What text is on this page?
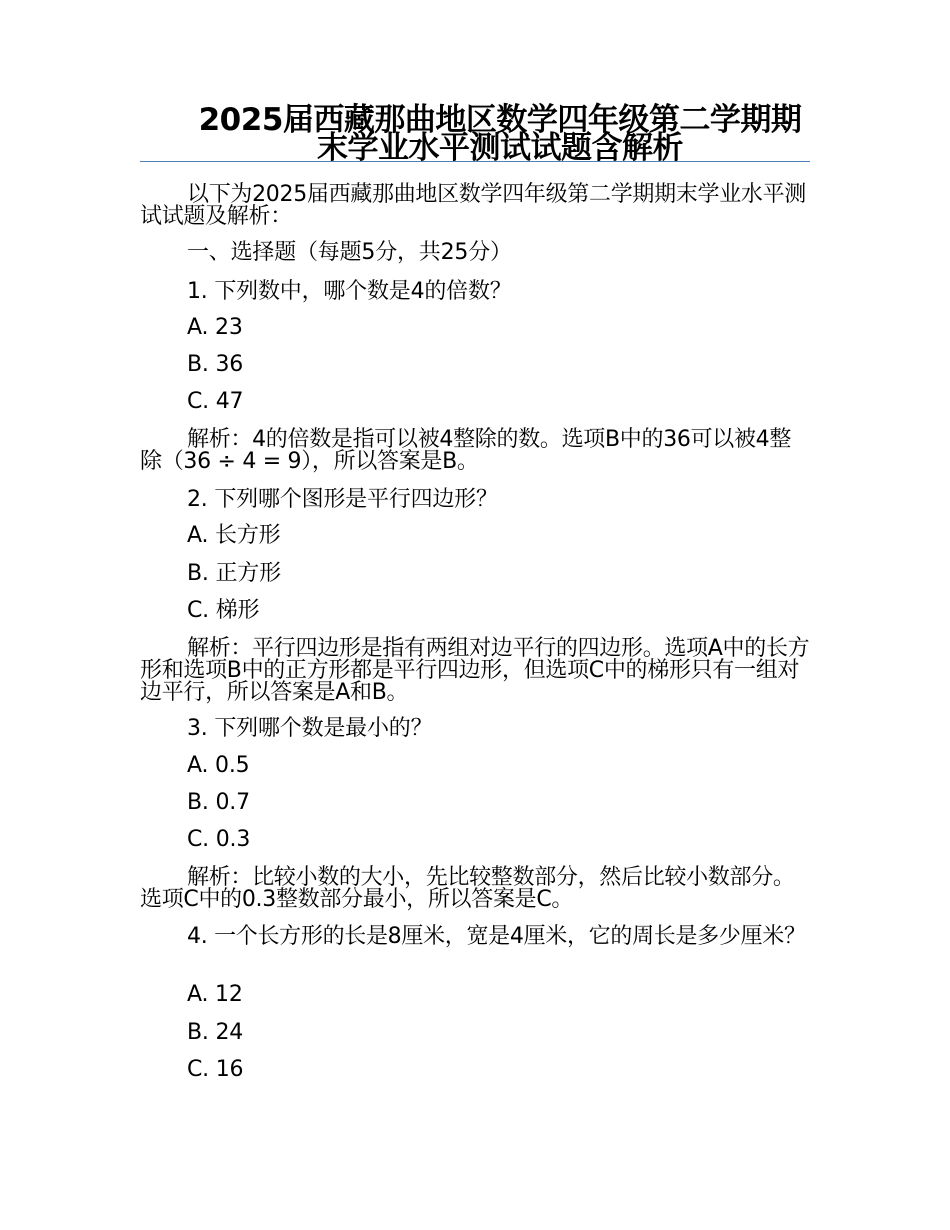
2025届西藏那曲地区数学四年级第二学期期末学业水平测试试题含解析
以下为2025届西藏那曲地区数学四年级第二学期期末学业水平测试试题及解析：
一、选择题（每题5分，共25分）
1. 下列数中，哪个数是4的倍数？
A. 23
B. 36
C. 47
解析：4的倍数是指可以被4整除的数。选项B中的36可以被4整除（36 ÷ 4 = 9），所以答案是B。
2. 下列哪个图形是平行四边形？
A. 长方形
B. 正方形
C. 梯形
解析：平行四边形是指有两组对边平行的四边形。选项A中的长方形和选项B中的正方形都是平行四边形，但选项C中的梯形只有一组对边平行，所以答案是A和B。
3. 下列哪个数是最小的？
A. 0.5
B. 0.7
C. 0.3
解析：比较小数的大小，先比较整数部分，然后比较小数部分。选项C中的0.3整数部分最小，所以答案是C。
4. 一个长方形的长是8厘米，宽是4厘米，它的周长是多少厘米？
A. 12
B. 24
C. 16
